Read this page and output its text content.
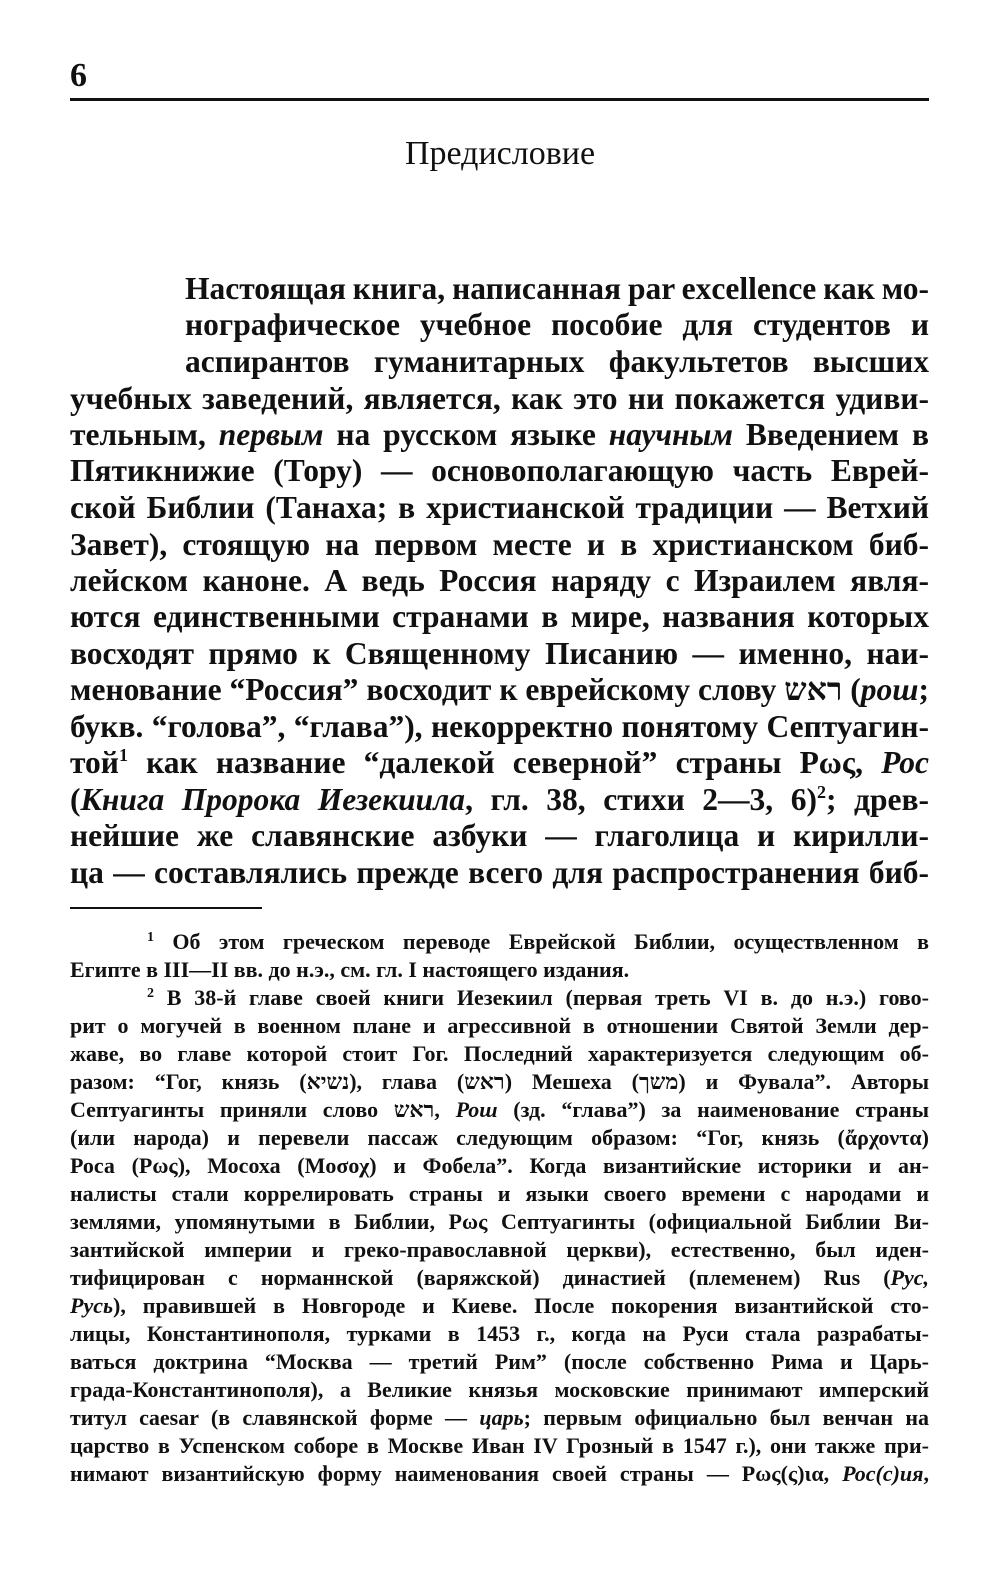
6
Предисловие
Настоящая книга, написанная par excellence как мо-
нографическое учебное пособие для студентов и
аспирантов гуманитарных факультетов высших
учебных заведений, является, как это ни покажется удиви-
тельным, первым на русском языке научным Введением в
Пятикнижие (Тору) — основополагающую часть Еврей-
ской Библии (Танаха; в христианской традиции — Ветхий
Завет), стоящую на первом месте и в христианском биб-
лейском каноне. А ведь Россия наряду с Израилем явля-
ются единственными странами в мире, названия которых
восходят прямо к Священному Писанию — именно, наи-
менование “Россия” восходит к еврейскому слову ראש (рош;
букв. “голова”, “глава”), некорректно понятому Септуагин-
той$^1$ как название “далекой северной” страны Ρως, Рос
(Книга Пророка Иезекиила, гл. 38, стихи 2—3, 6)$^2$; древ-
нейшие же славянские азбуки — глаголица и кирилли-
ца — составлялись прежде всего для распространения биб-
$^1$ Об этом греческом переводе Еврейской Библии, осуществленном в
Египте в III—II вв. до н.э., см. гл. I настоящего издания.
$^2$ В 38-й главе своей книги Иезекиил (первая треть VI в. до н.э.) гово-
рит о могучей в военном плане и агрессивной в отношении Святой Земли дер-
жаве, во главе которой стоит Гог. Последний характеризуется следующим об-
разом: “Гог, князь (נשיא), глава (ראש) Мешеха (משך) и Фувала”. Авторы
Септуагинты приняли слово ראש, Рош (зд. “глава”) за наименование страны
(или народа) и перевели пассаж следующим образом: “Гог, князь (ἄρχοντα)
Роса (Ρως), Мосоха (Μοσοχ) и Фобела”. Когда византийские историки и ан-
налисты стали коррелировать страны и языки своего времени с народами и
землями, упомянутыми в Библии, Ρως Септуагинты (официальной Библии Ви-
зантийской империи и греко-православной церкви), естественно, был иден-
тифицирован с норманнской (варяжской) династией (племенем) Rus (Рус,
Русь), правившей в Новгороде и Киеве. После покорения византийской сто-
лицы, Константинополя, турками в 1453 г., когда на Руси стала разрабаты-
ваться доктрина “Москва — третий Рим” (после собственно Рима и Царь-
града-Константинополя), а Великие князья московские принимают имперский
титул caesar (в славянской форме — царь; первым официально был венчан на
царство в Успенском соборе в Москве Иван IV Грозный в 1547 г.), они также при-
нимают византийскую форму наименования своей страны — Ρως(ς)ια, Рос(с)ия,
